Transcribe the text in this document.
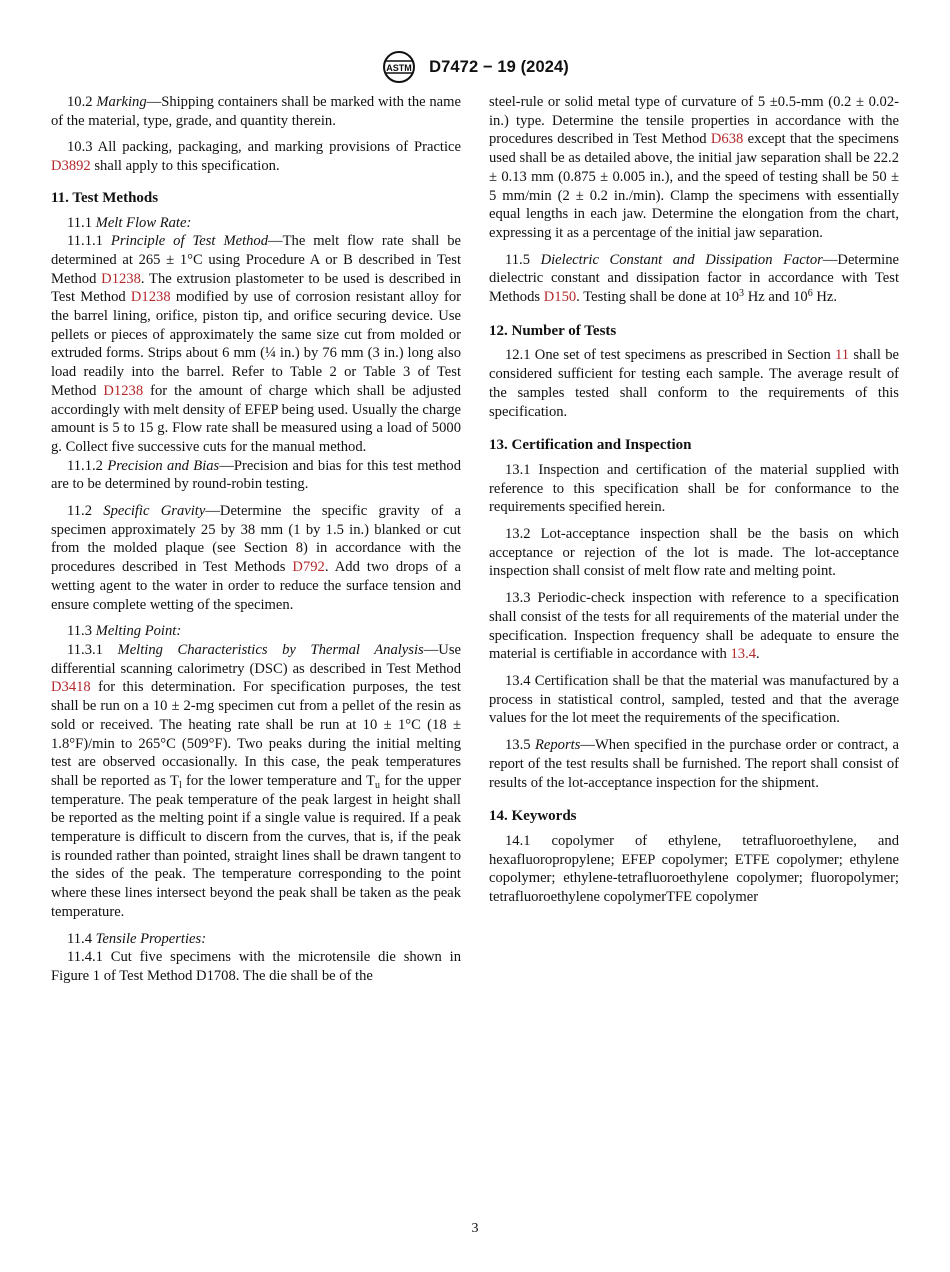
ASTM D7472 − 19 (2024)

10.2 Marking—Shipping containers shall be marked with the name of the material, type, grade, and quantity therein.

10.3 All packing, packaging, and marking provisions of Practice D3892 shall apply to this specification.

11. Test Methods

11.1 Melt Flow Rate:

11.1.1 Principle of Test Method—The melt flow rate shall be determined at 265 ± 1°C using Procedure A or B described in Test Method D1238. The extrusion plastometer to be used is described in Test Method D1238 modified by use of corrosion resistant alloy for the barrel lining, orifice, piston tip, and orifice securing device. Use pellets or pieces of approximately the same size cut from molded or extruded forms. Strips about 6 mm (¼ in.) by 76 mm (3 in.) long also load readily into the barrel. Refer to Table 2 or Table 3 of Test Method D1238 for the amount of charge which shall be adjusted accordingly with melt density of EFEP being used. Usually the charge amount is 5 to 15 g. Flow rate shall be measured using a load of 5000 g. Collect five successive cuts for the manual method.

11.1.2 Precision and Bias—Precision and bias for this test method are to be determined by round-robin testing.

11.2 Specific Gravity—Determine the specific gravity of a specimen approximately 25 by 38 mm (1 by 1.5 in.) blanked or cut from the molded plaque (see Section 8) in accordance with the procedures described in Test Methods D792. Add two drops of a wetting agent to the water in order to reduce the surface tension and ensure complete wetting of the specimen.

11.3 Melting Point:

11.3.1 Melting Characteristics by Thermal Analysis—Use differential scanning calorimetry (DSC) as described in Test Method D3418 for this determination. For specification purposes, the test shall be run on a 10 ± 2-mg specimen cut from a pellet of the resin as sold or received. The heating rate shall be run at 10 ± 1°C (18 ± 1.8°F)/min to 265°C (509°F). Two peaks during the initial melting test are observed occasionally. In this case, the peak temperatures shall be reported as $T_l$ for the lower temperature and $T_u$ for the upper temperature. The peak temperature of the peak largest in height shall be reported as the melting point if a single value is required. If a peak temperature is difficult to discern from the curves, that is, if the peak is rounded rather than pointed, straight lines shall be drawn tangent to the sides of the peak. The temperature corresponding to the point where these lines intersect beyond the peak shall be taken as the peak temperature.

11.4 Tensile Properties:

11.4.1 Cut five specimens with the microtensile die shown in Figure 1 of Test Method D1708. The die shall be of the

steel-rule or solid metal type of curvature of 5 ±0.5-mm (0.2 ± 0.02-in.) type. Determine the tensile properties in accordance with the procedures described in Test Method D638 except that the specimens used shall be as detailed above, the initial jaw separation shall be 22.2 ± 0.13 mm (0.875 ± 0.005 in.), and the speed of testing shall be 50 ± 5 mm/min (2 ± 0.2 in./min). Clamp the specimens with essentially equal lengths in each jaw. Determine the elongation from the chart, expressing it as a percentage of the initial jaw separation.

11.5 Dielectric Constant and Dissipation Factor—Determine dielectric constant and dissipation factor in accordance with Test Methods D150. Testing shall be done at $10^3$ Hz and $10^6$ Hz.

12. Number of Tests

12.1 One set of test specimens as prescribed in Section 11 shall be considered sufficient for testing each sample. The average result of the samples tested shall conform to the requirements of this specification.

13. Certification and Inspection

13.1 Inspection and certification of the material supplied with reference to this specification shall be for conformance to the requirements specified herein.

13.2 Lot-acceptance inspection shall be the basis on which acceptance or rejection of the lot is made. The lot-acceptance inspection shall consist of melt flow rate and melting point.

13.3 Periodic-check inspection with reference to a specification shall consist of the tests for all requirements of the material under the specification. Inspection frequency shall be adequate to ensure the material is certifiable in accordance with 13.4.

13.4 Certification shall be that the material was manufactured by a process in statistical control, sampled, tested and that the average values for the lot meet the requirements of the specification.

13.5 Reports—When specified in the purchase order or contract, a report of the test results shall be furnished. The report shall consist of results of the lot-acceptance inspection for the shipment.

14. Keywords

14.1 copolymer of ethylene, tetrafluoroethylene, and hexafluoropropylene; EFEP copolymer; ETFE copolymer; ethylene copolymer; ethylene-tetrafluoroethylene copolymer; fluoropolymer; tetrafluoroethylene copolymerTFE copolymer

3
